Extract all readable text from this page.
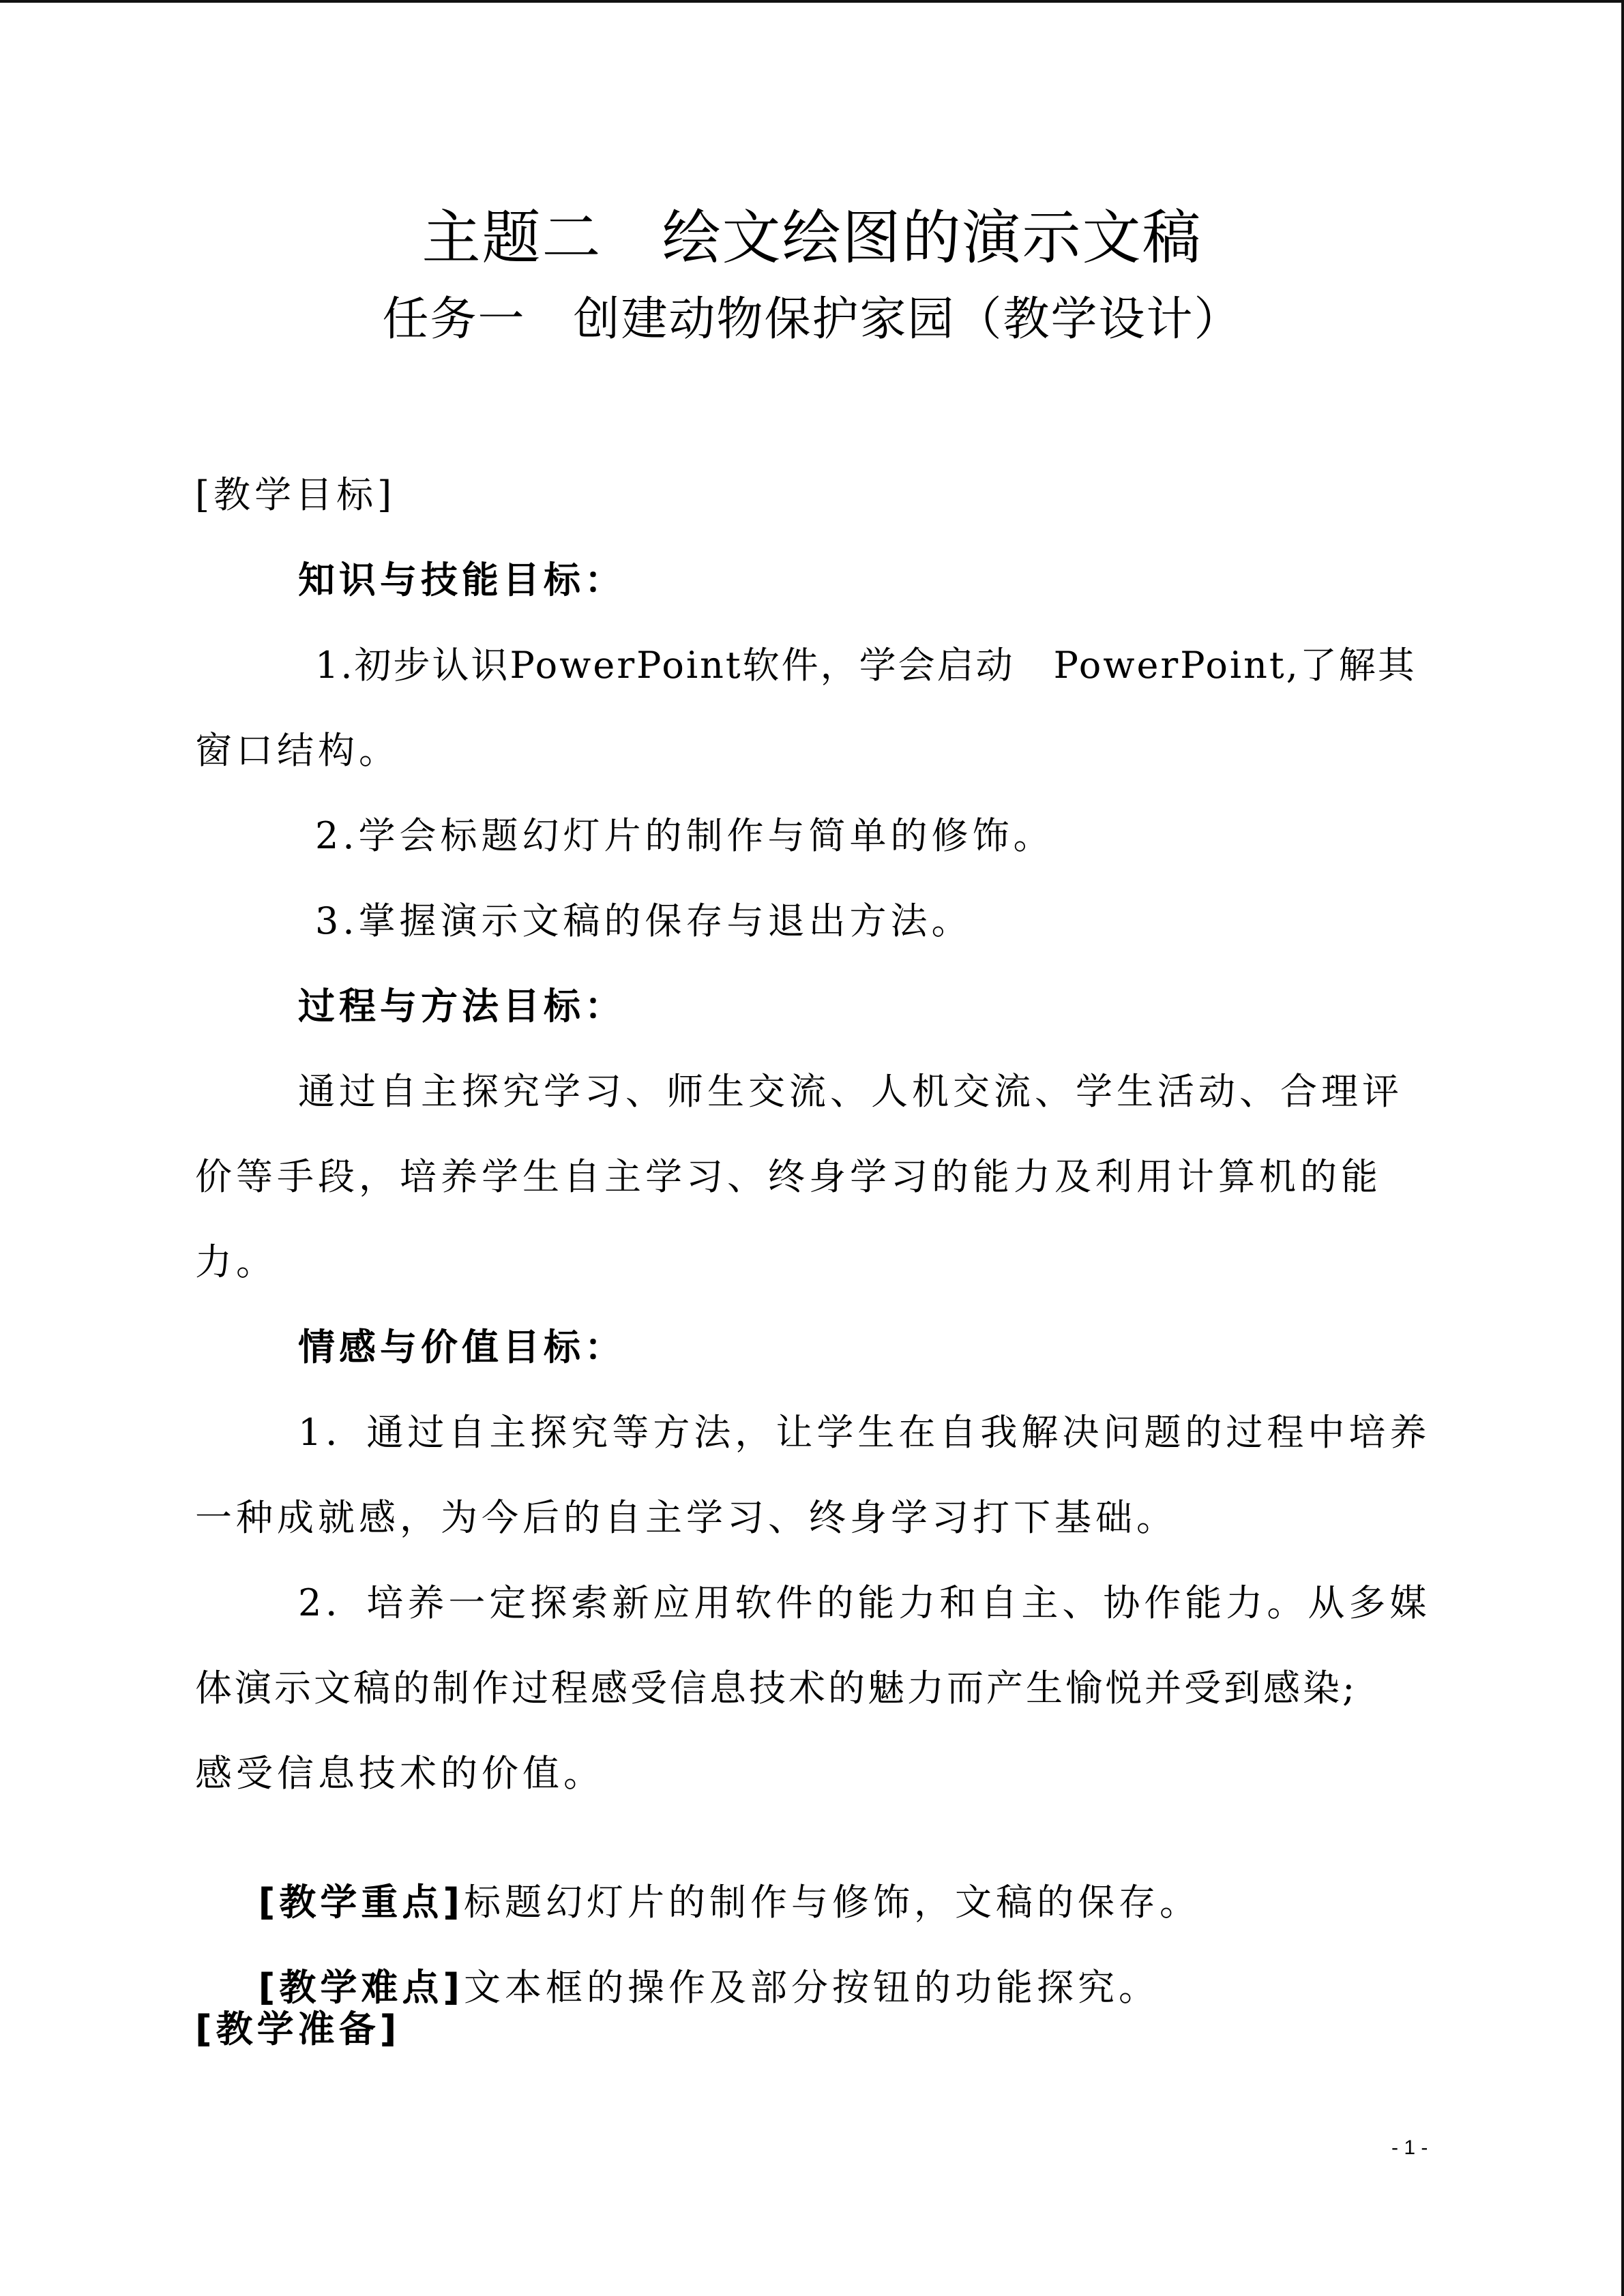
主题二　绘文绘图的演示文稿
任务一　创建动物保护家园（教学设计）
[教学目标]
知识与技能目标：
1.初步认识PowerPoint软件，学会启动　PowerPoint,了解其
窗口结构。
2.学会标题幻灯片的制作与简单的修饰。
3.掌握演示文稿的保存与退出方法。
过程与方法目标：
通过自主探究学习、师生交流、人机交流、学生活动、合理评
价等手段，培养学生自主学习、终身学习的能力及利用计算机的能
力。
情感与价值目标：
1．通过自主探究等方法，让学生在自我解决问题的过程中培养
一种成就感，为今后的自主学习、终身学习打下基础。
2．培养一定探索新应用软件的能力和自主、协作能力。从多媒
体演示文稿的制作过程感受信息技术的魅力而产生愉悦并受到感染;
感受信息技术的价值。

[教学重点]标题幻灯片的制作与修饰，文稿的保存。

[教学难点]文本框的操作及部分按钮的功能探究。

[教学准备]
- 1 -
